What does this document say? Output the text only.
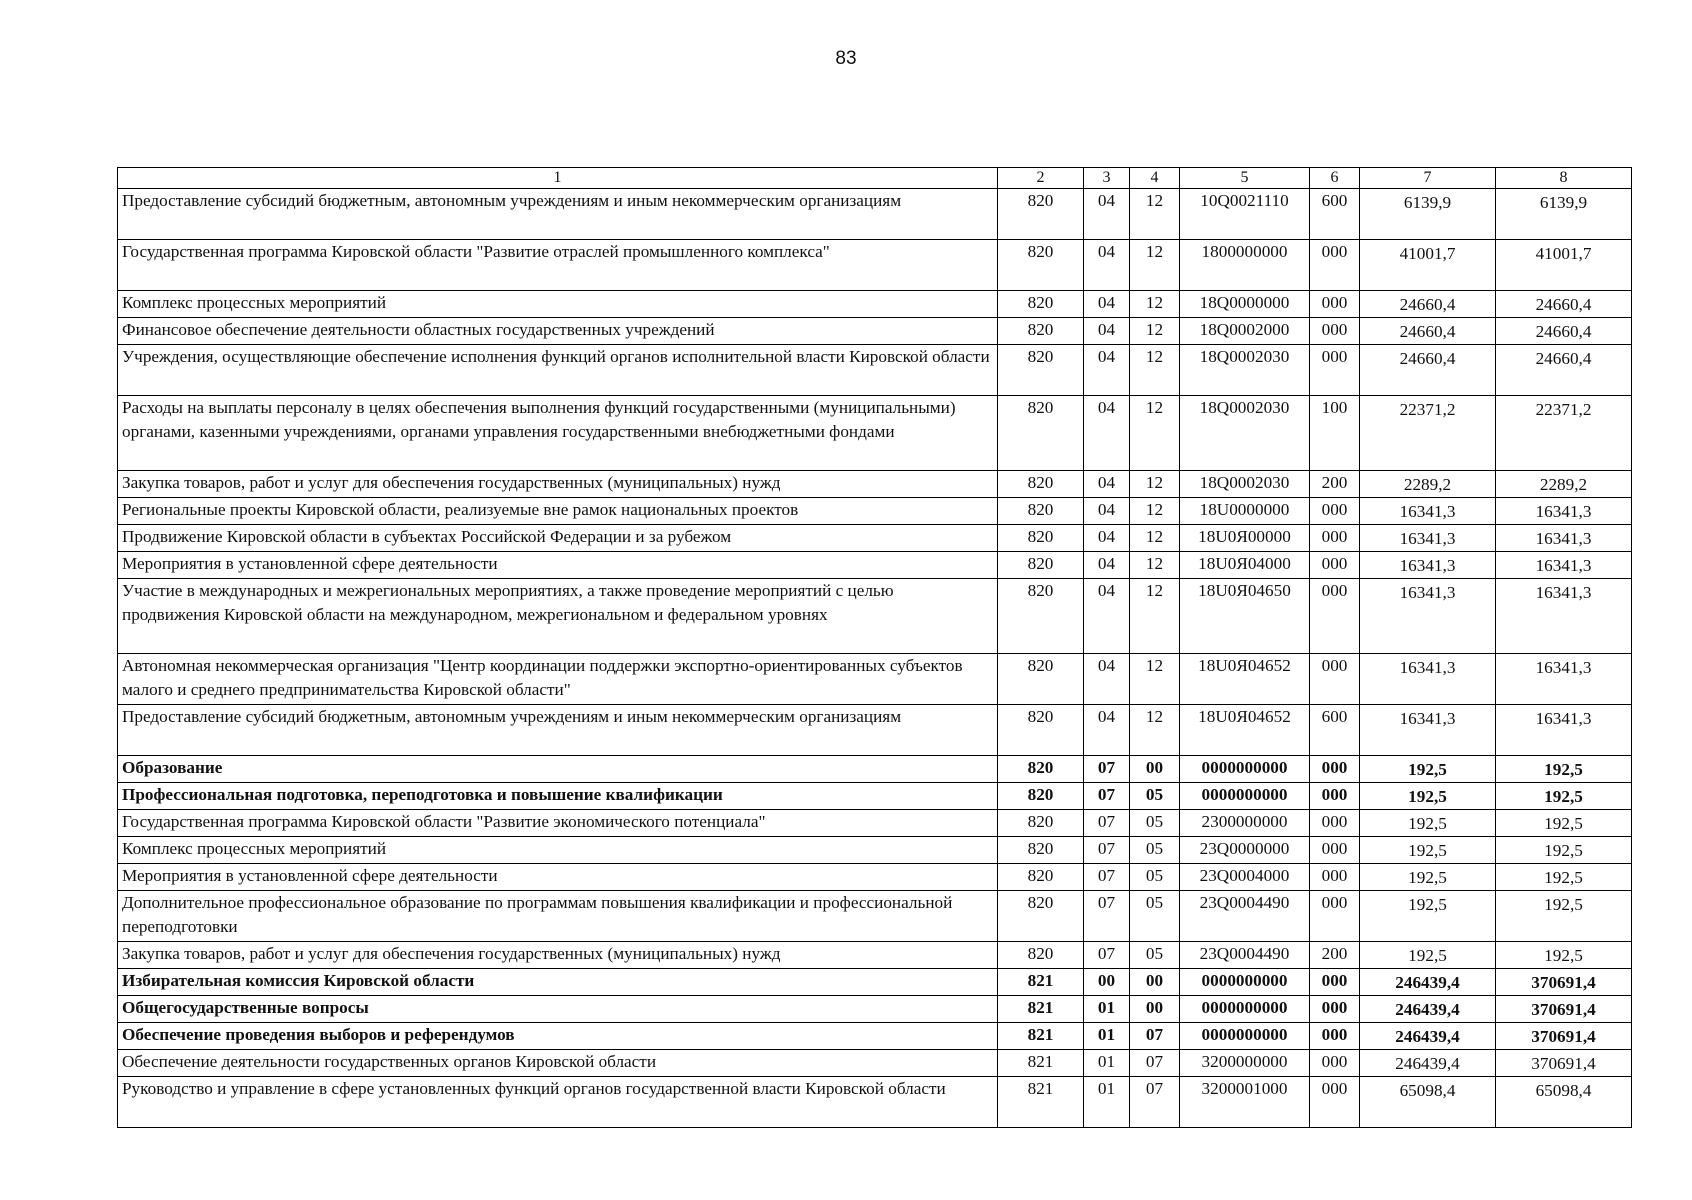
83
1	2	3	4	5	6	7	8
Предоставление субсидий бюджетным, автономным учреждениям и иным некоммерческим организациям	820	04	12	10Q0021110	600	6139,9	6139,9
Государственная программа Кировской области "Развитие отраслей промышленного комплекса"	820	04	12	1800000000	000	41001,7	41001,7
Комплекс процессных мероприятий	820	04	12	18Q0000000	000	24660,4	24660,4
Финансовое обеспечение деятельности областных государственных учреждений	820	04	12	18Q0002000	000	24660,4	24660,4
Учреждения, осуществляющие обеспечение исполнения функций органов исполнительной власти Кировской области	820	04	12	18Q0002030	000	24660,4	24660,4
Расходы на выплаты персоналу в целях обеспечения выполнения функций государственными (муниципальными) органами, казенными учреждениями, органами управления государственными внебюджетными фондами	820	04	12	18Q0002030	100	22371,2	22371,2
Закупка товаров, работ и услуг для обеспечения государственных (муниципальных) нужд	820	04	12	18Q0002030	200	2289,2	2289,2
Региональные проекты Кировской области, реализуемые вне рамок национальных проектов	820	04	12	18U0000000	000	16341,3	16341,3
Продвижение Кировской области в субъектах Российской Федерации и за рубежом	820	04	12	18U0Я00000	000	16341,3	16341,3
Мероприятия в установленной сфере деятельности	820	04	12	18U0Я04000	000	16341,3	16341,3
Участие в международных и межрегиональных мероприятиях, а также проведение мероприятий с целью продвижения Кировской области на международном, межрегиональном и федеральном уровнях	820	04	12	18U0Я04650	000	16341,3	16341,3
Автономная некоммерческая организация "Центр координации поддержки экспортно-ориентированных субъектов малого и среднего предпринимательства Кировской области"	820	04	12	18U0Я04652	000	16341,3	16341,3
Предоставление субсидий бюджетным, автономным учреждениям и иным некоммерческим организациям	820	04	12	18U0Я04652	600	16341,3	16341,3
Образование	820	07	00	0000000000	000	192,5	192,5
Профессиональная подготовка, переподготовка и повышение квалификации	820	07	05	0000000000	000	192,5	192,5
Государственная программа Кировской области "Развитие экономического потенциала"	820	07	05	2300000000	000	192,5	192,5
Комплекс процессных мероприятий	820	07	05	23Q0000000	000	192,5	192,5
Мероприятия в установленной сфере деятельности	820	07	05	23Q0004000	000	192,5	192,5
Дополнительное профессиональное образование по программам повышения квалификации и профессиональной переподготовки	820	07	05	23Q0004490	000	192,5	192,5
Закупка товаров, работ и услуг для обеспечения государственных (муниципальных) нужд	820	07	05	23Q0004490	200	192,5	192,5
Избирательная комиссия Кировской области	821	00	00	0000000000	000	246439,4	370691,4
Общегосударственные вопросы	821	01	00	0000000000	000	246439,4	370691,4
Обеспечение проведения выборов и референдумов	821	01	07	0000000000	000	246439,4	370691,4
Обеспечение деятельности государственных органов Кировской области	821	01	07	3200000000	000	246439,4	370691,4
Руководство и управление в сфере установленных функций органов государственной власти Кировской области	821	01	07	3200001000	000	65098,4	65098,4
